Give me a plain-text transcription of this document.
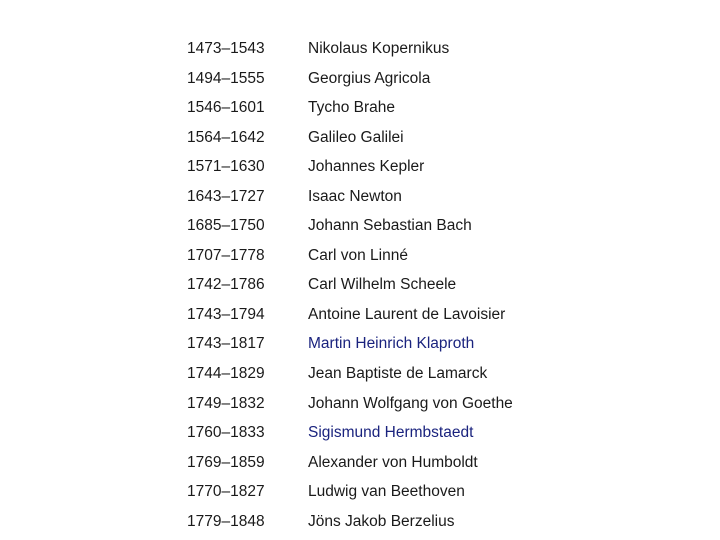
1473–1543	Nikolaus Kopernikus
1494–1555	Georgius Agricola
1546–1601	Tycho Brahe
1564–1642	Galileo Galilei
1571–1630	Johannes Kepler
1643–1727	Isaac Newton
1685–1750	Johann Sebastian Bach
1707–1778	Carl von Linné
1742–1786	Carl Wilhelm Scheele
1743–1794	Antoine Laurent de Lavoisier
1743–1817	Martin Heinrich Klaproth
1744–1829	Jean Baptiste de Lamarck
1749–1832	Johann Wolfgang von Goethe
1760–1833	Sigismund Hermbstaedt
1769–1859	Alexander von Humboldt
1770–1827	Ludwig van Beethoven
1779–1848	Jöns Jakob Berzelius
